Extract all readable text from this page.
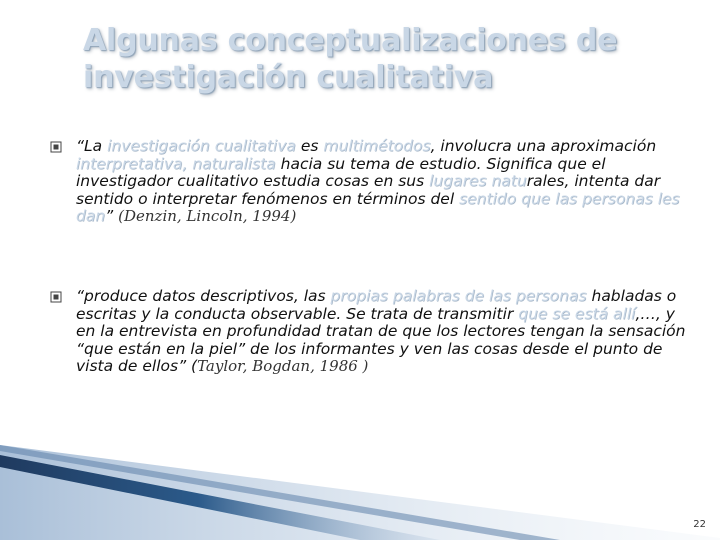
Algunas conceptualizaciones de
investigación cualitativa
“La investigación cualitativa es multimétodos, involucra una aproximación interpretativa, naturalista hacia su tema de estudio. Significa que el investigador cualitativo estudia cosas en sus lugares naturales, intenta dar sentido o interpretar fenómenos en términos del sentido que las personas les dan” (Denzin, Lincoln, 1994)
“produce datos descriptivos, las propias palabras de las personas habladas o escritas y la conducta observable. Se trata de transmitir que se está allí,…, y en la entrevista en profundidad tratan de que los lectores tengan la sensación “que están en la piel” de los informantes y ven las cosas desde el punto de vista de ellos” (Taylor, Bogdan, 1986 )
22
